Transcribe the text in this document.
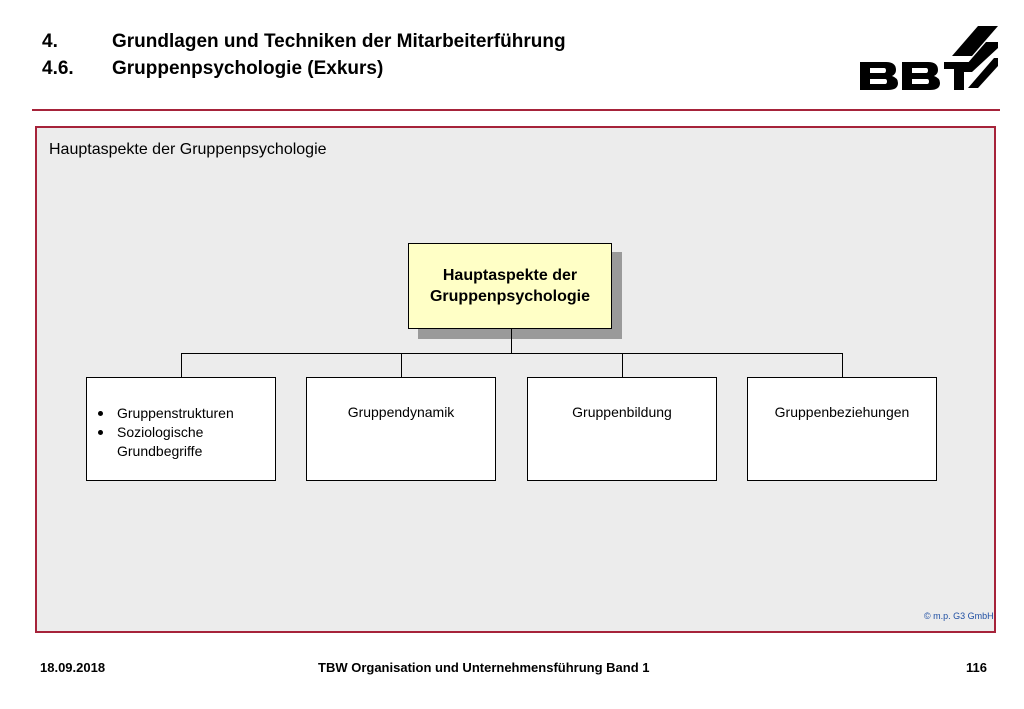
4.	Grundlagen und Techniken der Mitarbeiterführung
4.6. Gruppenpsychologie (Exkurs)
Hauptaspekte der Gruppenpsychologie
Hauptaspekte der
Gruppenpsychologie
Gruppenstrukturen
Soziologische Grundbegriffe
Gruppendynamik	Gruppenbildung	Gruppenbeziehungen
© m.p. G3 GmbH
18.09.2018	TBW Organisation und Unternehmensführung Band 1	116
